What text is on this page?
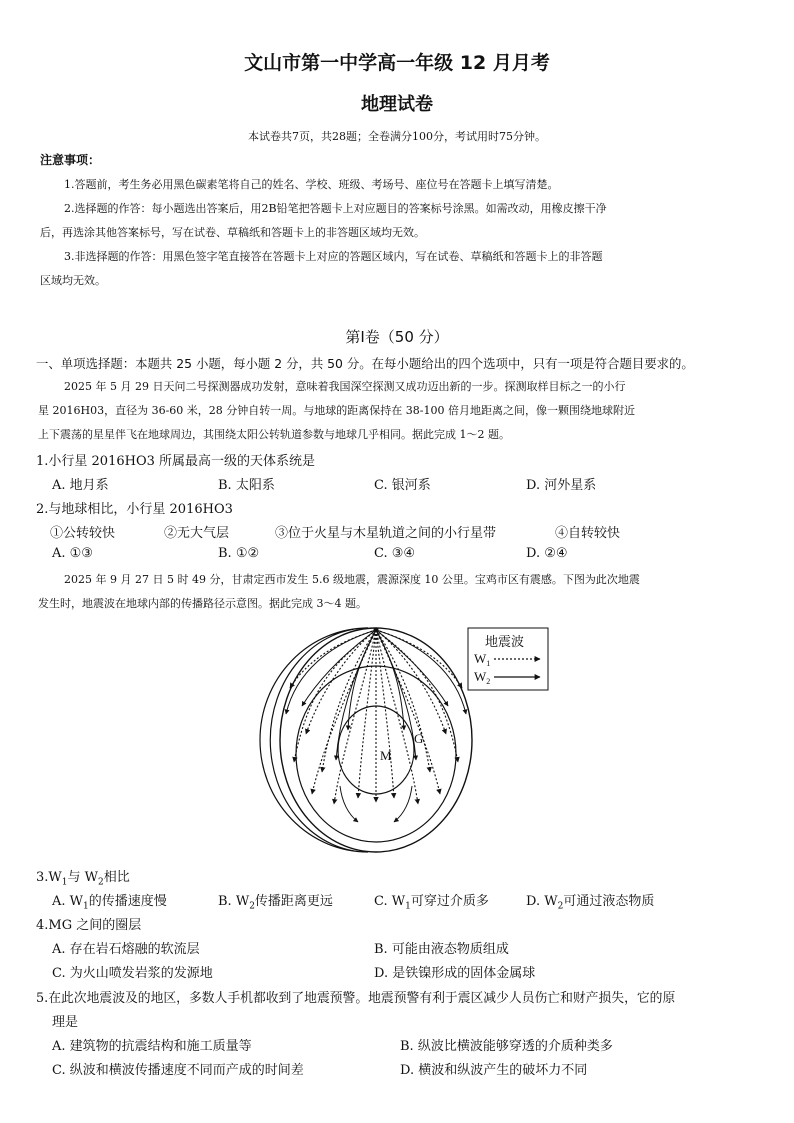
文山市第一中学高一年级 12 月月考
地理试卷
本试卷共7页，共28题；全卷满分100分，考试用时75分钟。
注意事项：
1.答题前，考生务必用黑色碳素笔将自己的姓名、学校、班级、考场号、座位号在答题卡上填写清楚。
2.选择题的作答：每小题选出答案后，用2B铅笔把答题卡上对应题目的答案标号涂黑。如需改动，用橡皮擦干净
后，再选涂其他答案标号，写在试卷、草稿纸和答题卡上的非答题区域均无效。
3.非选择题的作答：用黑色签字笔直接答在答题卡上对应的答题区域内，写在试卷、草稿纸和答题卡上的非答题
区域均无效。
第Ⅰ卷（50 分）
一、单项选择题：本题共 25 小题，每小题 2 分，共 50 分。在每小题给出的四个选项中，只有一项是符合题目要求的。
2025 年 5 月 29 日天问二号探测器成功发射，意味着我国深空探测又成功迈出新的一步。探测取样目标之一的小行
星 2016H03，直径为 36-60 米，28 分钟自转一周。与地球的距离保持在 38-100 倍月地距离之间，像一颗围绕地球附近
上下震荡的星星伴飞在地球周边，其围绕太阳公转轨道参数与地球几乎相同。据此完成 1～2 题。
1.小行星 2016HO3 所属最高一级的天体系统是
A. 地月系	B. 太阳系	C. 银河系	D. 河外星系
2.与地球相比，小行星 2016HO3
①公转较快	②无大气层	③位于火星与木星轨道之间的小行星带	④自转较快
A. ①③	B. ①②	C. ③④	D. ②④
2025 年 9 月 27 日 5 时 49 分，甘肃定西市发生 5.6 级地震，震源深度 10 公里。宝鸡市区有震感。下图为此次地震
发生时，地震波在地球内部的传播路径示意图。据此完成 3～4 题。
M
G
地震波
$W_1$
$W_2$
$3.W_1$与 $W_2$相比
A. $W_1$的传播速度慢	B. $W_2$传播距离更远	C. $W_1$可穿过介质多	D. $W_2$可通过液态物质
4.MG 之间的圈层
A. 存在岩石熔融的软流层	B. 可能由液态物质组成
C. 为火山喷发岩浆的发源地	D. 是铁镍形成的固体金属球
5.在此次地震波及的地区，多数人手机都收到了地震预警。地震预警有利于震区减少人员伤亡和财产损失，它的原
理是
A. 建筑物的抗震结构和施工质量等	B. 纵波比横波能够穿透的介质种类多
C. 纵波和横波传播速度不同而产成的时间差	D. 横波和纵波产生的破坏力不同
